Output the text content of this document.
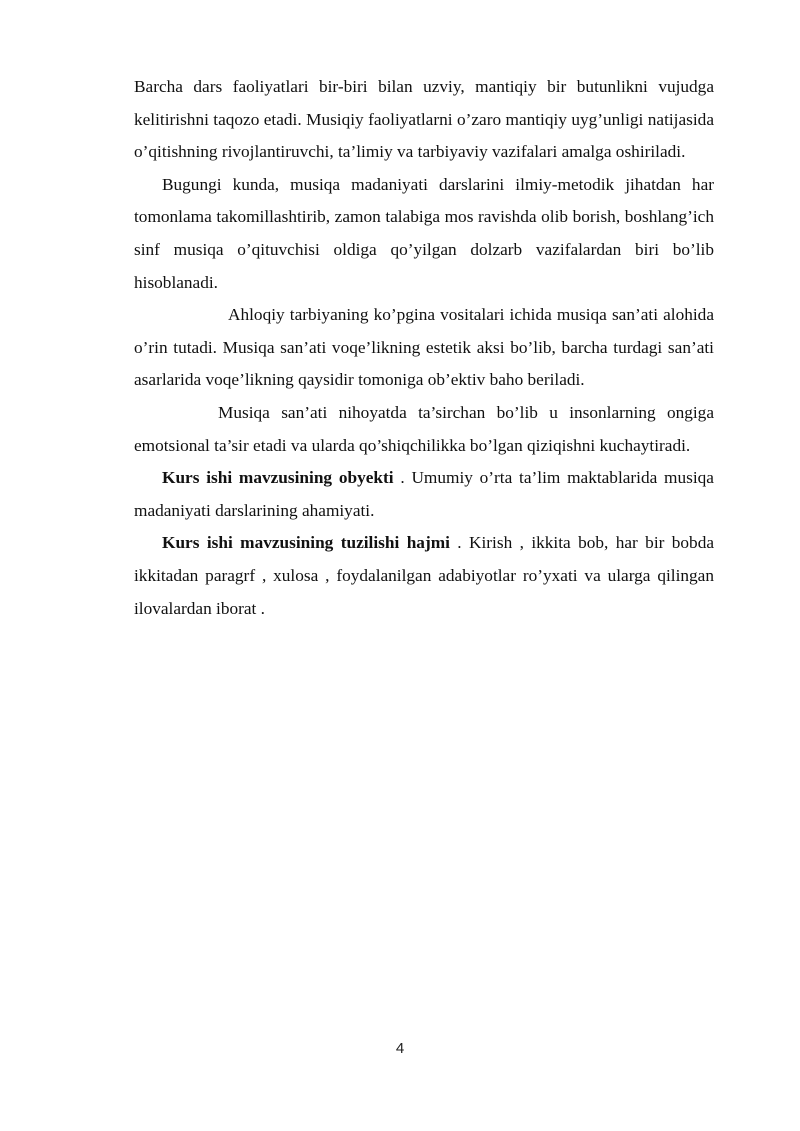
Barcha dars faoliyatlari bir-biri bilan uzviy, mantiqiy bir butunlikni vujudga kelitirishni taqozo etadi. Musiqiy faoliyatlarni o’zaro mantiqiy uyg’unligi natijasida o’qitishning rivojlantiruvchi, ta’limiy va tarbiyaviy vazifalari amalga oshiriladi.

Bugungi kunda, musiqa madaniyati darslarini ilmiy-metodik jihatdan har tomonlama takomillashtirib, zamon talabiga mos ravishda olib borish, boshlang’ich sinf musiqa o’qituvchisi oldiga qo’yilgan dolzarb vazifalardan biri bo’lib hisoblanadi.

Ahloqiy tarbiyaning ko’pgina vositalari ichida musiqa san’ati alohida o’rin tutadi. Musiqa san’ati voqe’likning estetik aksi bo’lib, barcha turdagi san’ati asarlarida voqe’likning qaysidir tomoniga ob’ektiv baho beriladi.

Musiqa san’ati nihoyatda ta’sirchan bo’lib u insonlarning ongiga emotsional ta’sir etadi va ularda qo’shiqchilikka bo’lgan qiziqishni kuchaytiradi.

Kurs ishi mavzusining obyekti . Umumiy o’rta ta’lim maktablarida musiqa madaniyati darslarining ahamiyati.

Kurs ishi mavzusining tuzilishi hajmi . Kirish , ikkita bob, har bir bobda ikkitadan paragrf , xulosa , foydalanilgan adabiyotlar ro’yxati va ularga qilingan ilovalardan iborat .

4
